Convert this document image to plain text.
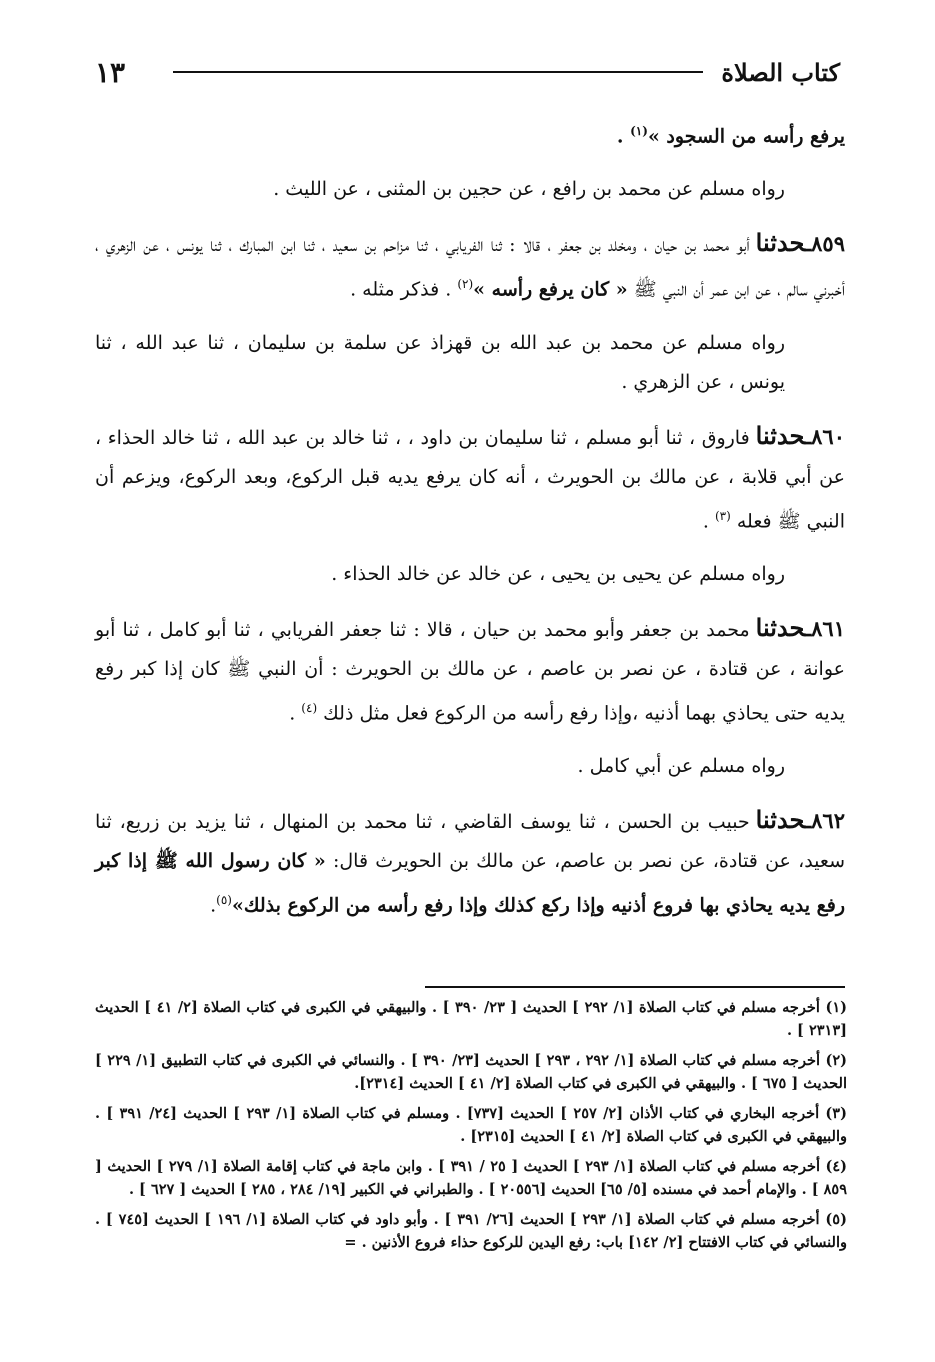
١٣	كتاب الصلاة

يرفع رأسه من السجود »$^{(١)}$ .

رواه مسلم عن محمد بن رافع ، عن حجين بن المثنى ، عن الليث .

٨٥٩ـحدثناأبو محمد بن حيان ، ومخلد بن جعفر ، قالا : ثنا الفريابي ، ثنا مزاحم بن سعيد ، ثنا ابن المبارك ، ثنا يونس ، عن الزهري ، أخبرني سالم ، عن ابن عمر أن النبي ﷺ « كان يرفع رأسه »$^{(٢)}$ . فذكر مثله .

رواه مسلم عن محمد بن عبد الله بن قهزاذ عن سلمة بن سليمان ، ثنا عبد الله ، ثنا يونس ، عن الزهري .

٨٦٠ـحدثنافاروق ، ثنا أبو مسلم ، ثنا سليمان بن داود ، ، ثنا خالد بن عبد الله ، ثنا خالد الحذاء ، عن أبي قلابة ، عن مالك بن الحويرث ، أنه كان يرفع يديه قبل الركوع، وبعد الركوع، ويزعم أن النبي ﷺ فعله $^{(٣)}$ .

رواه مسلم عن يحيى بن يحيى ، عن خالد عن خالد الحذاء .

٨٦١ـحدثنامحمد بن جعفر وأبو محمد بن حيان ، قالا : ثنا جعفر الفريابي ، ثنا أبو كامل ، ثنا أبو عوانة ، عن قتادة ، عن نصر بن عاصم ، عن مالك بن الحويرث : أن النبي ﷺ كان إذا كبر رفع يديه حتى يحاذي بهما أذنيه ،وإذا رفع رأسه من الركوع فعل مثل ذلك $^{(٤)}$ .

رواه مسلم عن أبي كامل .

٨٦٢ـحدثناحبيب بن الحسن ، ثنا يوسف القاضي ، ثنا محمد بن المنهال ، ثنا يزيد بن زريع، ثنا سعيد، عن قتادة، عن نصر بن عاصم، عن مالك بن الحويرث قال: « كان رسول الله ﷺ إذا كبر رفع يديه يحاذي بها فروع أذنيه وإذا ركع كذلك وإذا رفع رأسه من الركوع بذلك»$^{(٥)}$.

(١) أخرجه مسلم في كتاب الصلاة [١/ ٢٩٢ ] الحديث [ ٢٣/ ٣٩٠ ] . والبيهقي في الكبرى في كتاب الصلاة [٢/ ٤١ ] الحديث [٢٣١٣ ] .

(٢) أخرجه مسلم في كتاب الصلاة [١/ ٢٩٢ ، ٢٩٣ ] الحديث [٢٣/ ٣٩٠ ] . والنسائي في الكبرى في كتاب التطبيق [١/ ٢٢٩ ] الحديث [ ٦٧٥ ] . والبيهقي في الكبرى في كتاب الصلاة [٢/ ٤١ ] الحديث [٢٣١٤].

(٣) أخرجه البخاري في كتاب الأذان [٢/ ٢٥٧ ] الحديث [٧٣٧] . ومسلم في كتاب الصلاة [١/ ٢٩٣ ] الحديث [٢٤/ ٣٩١ ] . والبيهقي في الكبرى في كتاب الصلاة [٢/ ٤١ ] الحديث [٢٣١٥] .

(٤) أخرجه مسلم في كتاب الصلاة [١/ ٢٩٣ ] الحديث [ ٢٥ / ٣٩١ ] . وابن ماجة في كتاب إقامة الصلاة [١/ ٢٧٩ ] الحديث [ ٨٥٩ ] . والإمام أحمد في مسنده [٥/ ٦٥] الحديث [٢٠٥٥٦ ] . والطبراني في الكبير [١٩/ ٢٨٤ ، ٢٨٥ ] الحديث [ ٦٢٧ ] .

(٥) أخرجه مسلم في كتاب الصلاة [١/ ٢٩٣ ] الحديث [٢٦/ ٣٩١ ] . وأبو داود في كتاب الصلاة [١/ ١٩٦ ] الحديث [٧٤٥ ] . والنسائي في كتاب الافتتاح [٢/ ١٤٢] باب: رفع اليدين للركوع حذاء فروع الأذنين . =
